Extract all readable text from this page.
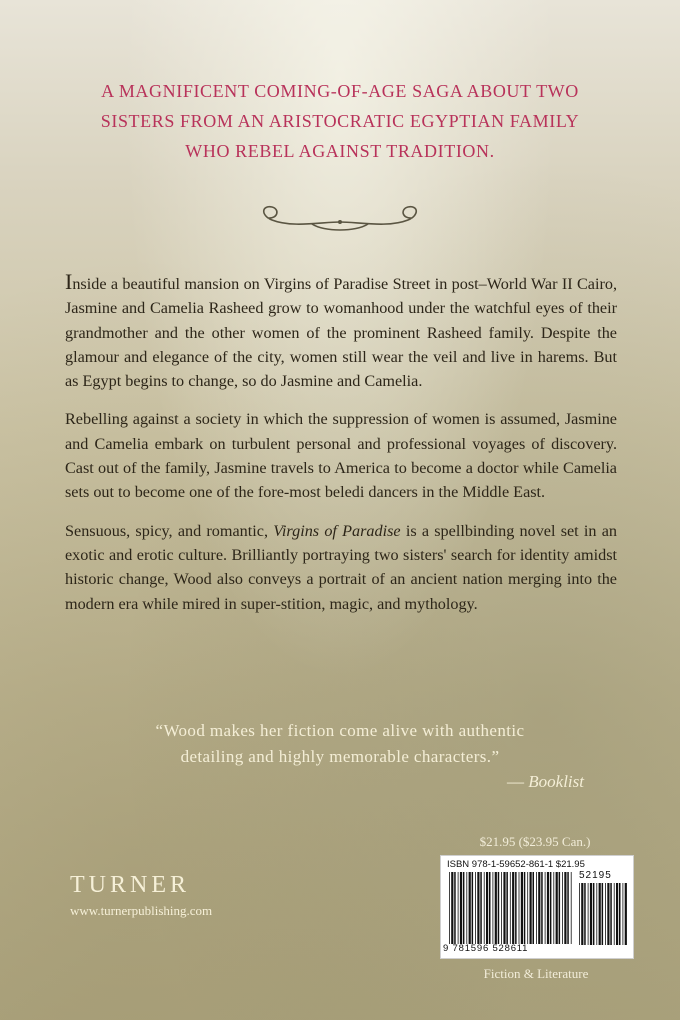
A MAGNIFICENT COMING-OF-AGE SAGA ABOUT TWO
SISTERS FROM AN ARISTOCRATIC EGYPTIAN FAMILY
WHO REBEL AGAINST TRADITION.

Inside a beautiful mansion on Virgins of Paradise Street in post–World War II Cairo, Jasmine and Camelia Rasheed grow to womanhood under the watchful eyes of their grandmother and the other women of the prominent Rasheed family. Despite the glamour and elegance of the city, women still wear the veil and live in harems. But as Egypt begins to change, so do Jasmine and Camelia.

Rebelling against a society in which the suppression of women is assumed, Jasmine and Camelia embark on turbulent personal and professional voyages of discovery. Cast out of the family, Jasmine travels to America to become a doctor while Camelia sets out to become one of the fore-most beledi dancers in the Middle East.

Sensuous, spicy, and romantic, Virgins of Paradise is a spellbinding novel set in an exotic and erotic culture. Brilliantly portraying two sisters' search for identity amidst historic change, Wood also conveys a portrait of an ancient nation merging into the modern era while mired in super-stition, magic, and mythology.

“Wood makes her fiction come alive with authentic
detailing and highly memorable characters.”
— Booklist
$21.95 ($23.95 Can.)
ISBN 978-1-59652-861-1 $21.95
52195
9 781596 528611
Fiction & Literature
TURNER
www.turnerpublishing.com
